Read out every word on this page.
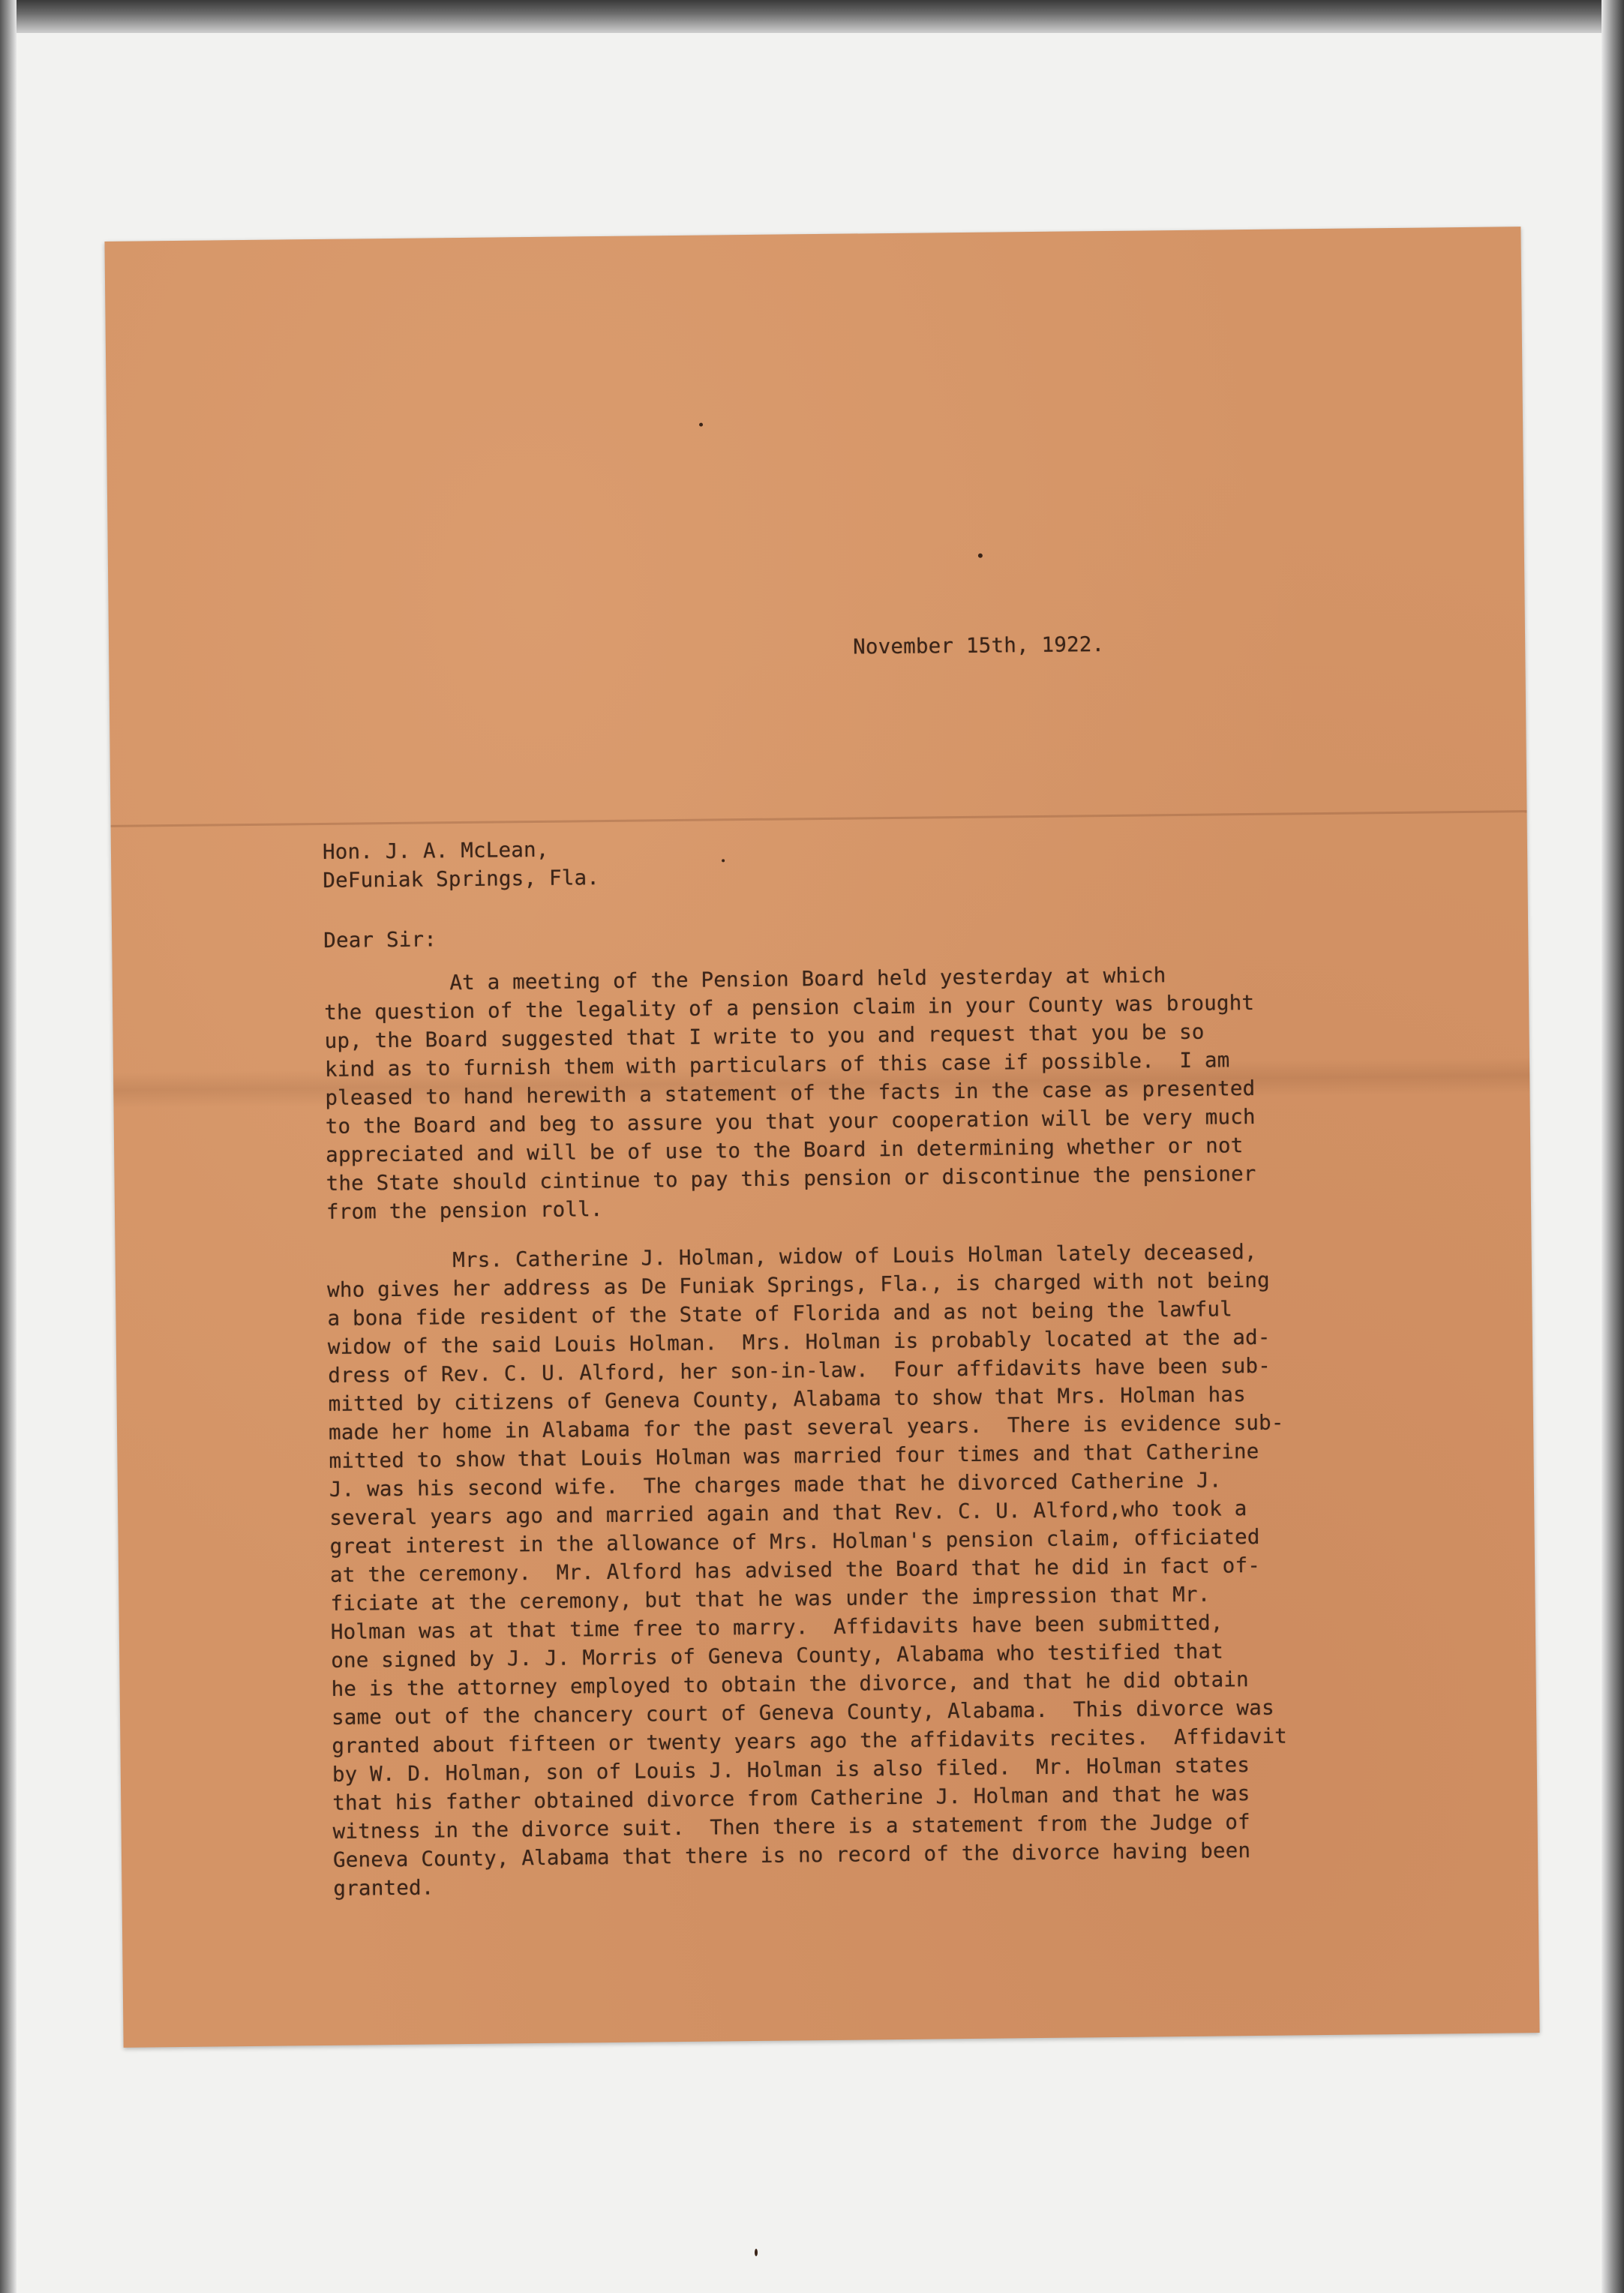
November 15th, 1922.
Hon. J. A. McLean,
DeFuniak Springs, Fla.
Dear Sir:
At a meeting of the Pension Board held yesterday at which
the question of the legality of a pension claim in your County was brought
up, the Board suggested that I write to you and request that you be so
kind as to furnish them with particulars of this case if possible.  I am
pleased to hand herewith a statement of the facts in the case as presented
to the Board and beg to assure you that your cooperation will be very much
appreciated and will be of use to the Board in determining whether or not
the State should cintinue to pay this pension or discontinue the pensioner
from the pension roll.
Mrs. Catherine J. Holman, widow of Louis Holman lately deceased,
who gives her address as De Funiak Springs, Fla., is charged with not being
a bona fide resident of the State of Florida and as not being the lawful
widow of the said Louis Holman.  Mrs. Holman is probably located at the ad-
dress of Rev. C. U. Alford, her son-in-law.  Four affidavits have been sub-
mitted by citizens of Geneva County, Alabama to show that Mrs. Holman has
made her home in Alabama for the past several years.  There is evidence sub-
mitted to show that Louis Holman was married four times and that Catherine
J. was his second wife.  The charges made that he divorced Catherine J.
several years ago and married again and that Rev. C. U. Alford,who took a
great interest in the allowance of Mrs. Holman's pension claim, officiated
at the ceremony.  Mr. Alford has advised the Board that he did in fact of-
ficiate at the ceremony, but that he was under the impression that Mr.
Holman was at that time free to marry.  Affidavits have been submitted,
one signed by J. J. Morris of Geneva County, Alabama who testified that
he is the attorney employed to obtain the divorce, and that he did obtain
same out of the chancery court of Geneva County, Alabama.  This divorce was
granted about fifteen or twenty years ago the affidavits recites.  Affidavit
by W. D. Holman, son of Louis J. Holman is also filed.  Mr. Holman states
that his father obtained divorce from Catherine J. Holman and that he was
witness in the divorce suit.  Then there is a statement from the Judge of
Geneva County, Alabama that there is no record of the divorce having been
granted.
